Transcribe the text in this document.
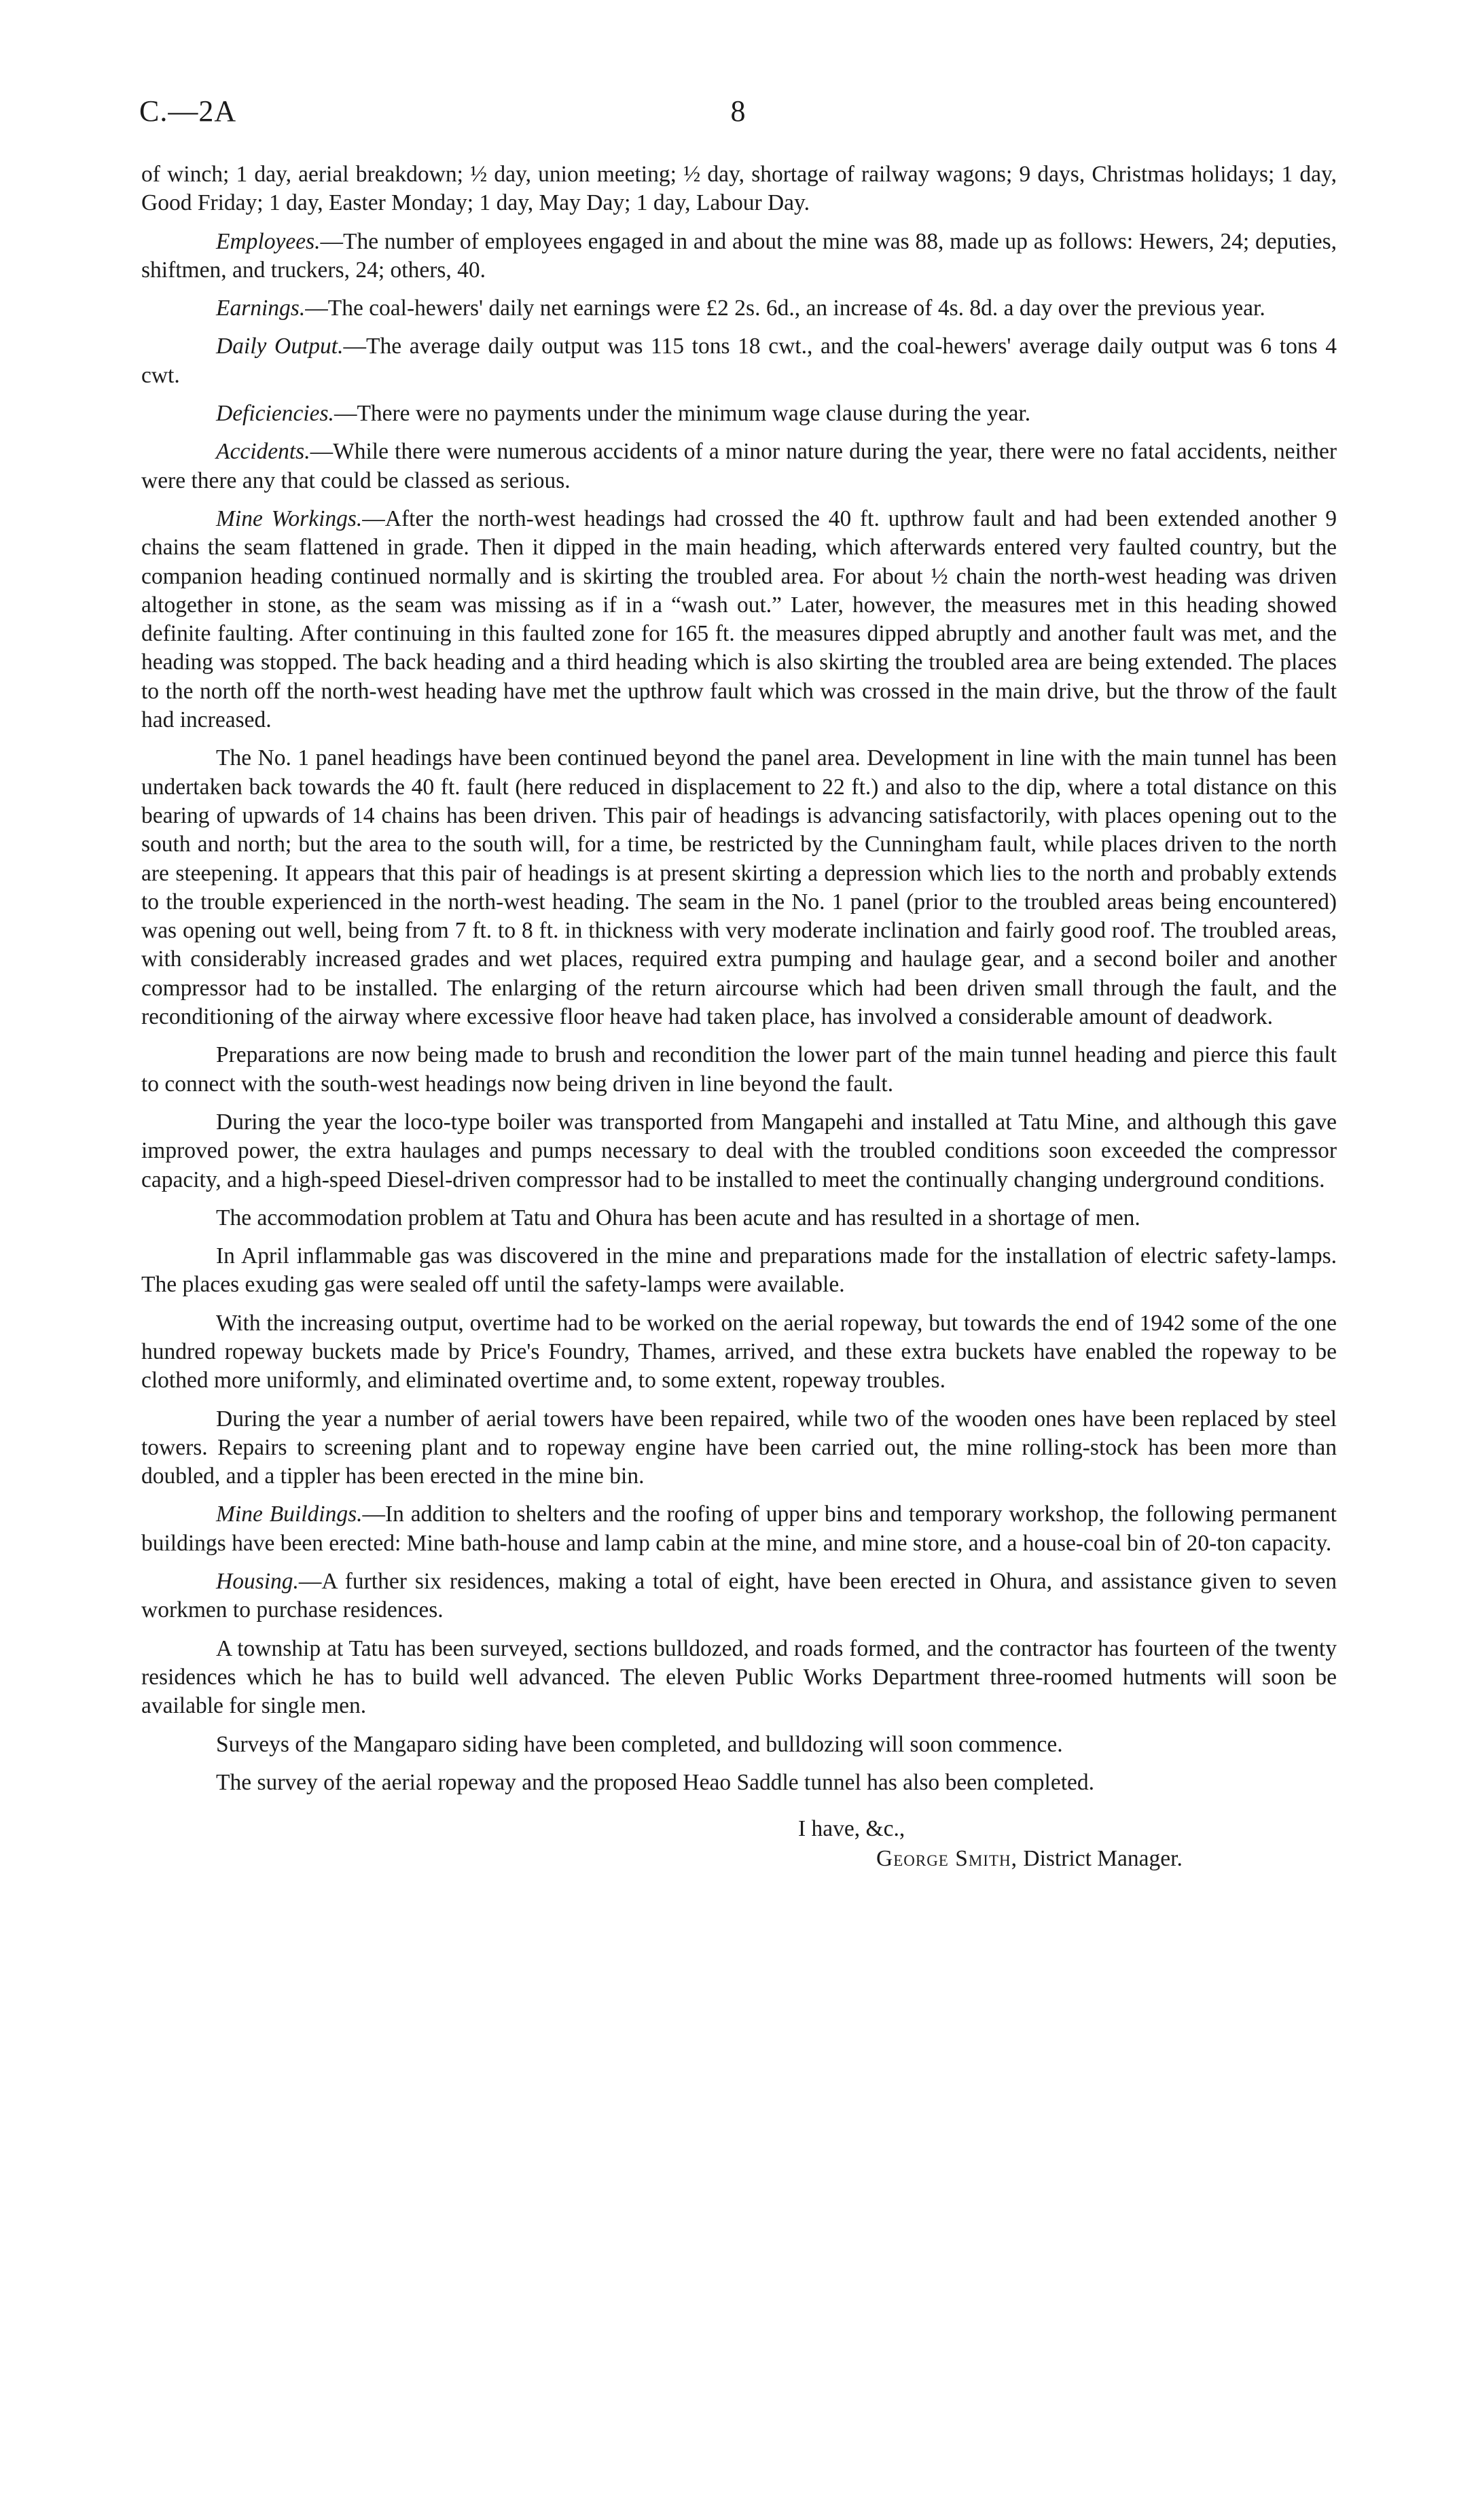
C.—2A	8

of winch; 1 day, aerial breakdown; ½ day, union meeting; ½ day, shortage of railway wagons; 9 days, Christmas holidays; 1 day, Good Friday; 1 day, Easter Monday; 1 day, May Day; 1 day, Labour Day.

Employees.—The number of employees engaged in and about the mine was 88, made up as follows: Hewers, 24; deputies, shiftmen, and truckers, 24; others, 40.

Earnings.—The coal-hewers' daily net earnings were £2 2s. 6d., an increase of 4s. 8d. a day over the previous year.

Daily Output.—The average daily output was 115 tons 18 cwt., and the coal-hewers' average daily output was 6 tons 4 cwt.

Deficiencies.—There were no payments under the minimum wage clause during the year.

Accidents.—While there were numerous accidents of a minor nature during the year, there were no fatal accidents, neither were there any that could be classed as serious.

Mine Workings.—After the north-west headings had crossed the 40 ft. upthrow fault and had been extended another 9 chains the seam flattened in grade. Then it dipped in the main heading, which afterwards entered very faulted country, but the companion heading continued normally and is skirting the troubled area. For about ½ chain the north-west heading was driven altogether in stone, as the seam was missing as if in a “wash out.” Later, however, the measures met in this heading showed definite faulting. After continuing in this faulted zone for 165 ft. the measures dipped abruptly and another fault was met, and the heading was stopped. The back heading and a third heading which is also skirting the troubled area are being extended. The places to the north off the north-west heading have met the upthrow fault which was crossed in the main drive, but the throw of the fault had increased.

The No. 1 panel headings have been continued beyond the panel area. Development in line with the main tunnel has been undertaken back towards the 40 ft. fault (here reduced in displacement to 22 ft.) and also to the dip, where a total distance on this bearing of upwards of 14 chains has been driven. This pair of headings is advancing satisfactorily, with places opening out to the south and north; but the area to the south will, for a time, be restricted by the Cunningham fault, while places driven to the north are steepening. It appears that this pair of headings is at present skirting a depression which lies to the north and probably extends to the trouble experienced in the north-west heading. The seam in the No. 1 panel (prior to the troubled areas being encountered) was opening out well, being from 7 ft. to 8 ft. in thickness with very moderate inclination and fairly good roof. The troubled areas, with considerably increased grades and wet places, required extra pumping and haulage gear, and a second boiler and another compressor had to be installed. The enlarging of the return aircourse which had been driven small through the fault, and the reconditioning of the airway where excessive floor heave had taken place, has involved a considerable amount of deadwork.

Preparations are now being made to brush and recondition the lower part of the main tunnel heading and pierce this fault to connect with the south-west headings now being driven in line beyond the fault.

During the year the loco-type boiler was transported from Mangapehi and installed at Tatu Mine, and although this gave improved power, the extra haulages and pumps necessary to deal with the troubled conditions soon exceeded the compressor capacity, and a high-speed Diesel-driven compressor had to be installed to meet the continually changing underground conditions.

The accommodation problem at Tatu and Ohura has been acute and has resulted in a shortage of men.

In April inflammable gas was discovered in the mine and preparations made for the installation of electric safety-lamps. The places exuding gas were sealed off until the safety-lamps were available.

With the increasing output, overtime had to be worked on the aerial ropeway, but towards the end of 1942 some of the one hundred ropeway buckets made by Price's Foundry, Thames, arrived, and these extra buckets have enabled the ropeway to be clothed more uniformly, and eliminated overtime and, to some extent, ropeway troubles.

During the year a number of aerial towers have been repaired, while two of the wooden ones have been replaced by steel towers. Repairs to screening plant and to ropeway engine have been carried out, the mine rolling-stock has been more than doubled, and a tippler has been erected in the mine bin.

Mine Buildings.—In addition to shelters and the roofing of upper bins and temporary workshop, the following permanent buildings have been erected: Mine bath-house and lamp cabin at the mine, and mine store, and a house-coal bin of 20-ton capacity.

Housing.—A further six residences, making a total of eight, have been erected in Ohura, and assistance given to seven workmen to purchase residences.

A township at Tatu has been surveyed, sections bulldozed, and roads formed, and the contractor has fourteen of the twenty residences which he has to build well advanced. The eleven Public Works Department three-roomed hutments will soon be available for single men.

Surveys of the Mangaparo siding have been completed, and bulldozing will soon commence.

The survey of the aerial ropeway and the proposed Heao Saddle tunnel has also been completed.

I have, &c.,
George Smith, District Manager.
